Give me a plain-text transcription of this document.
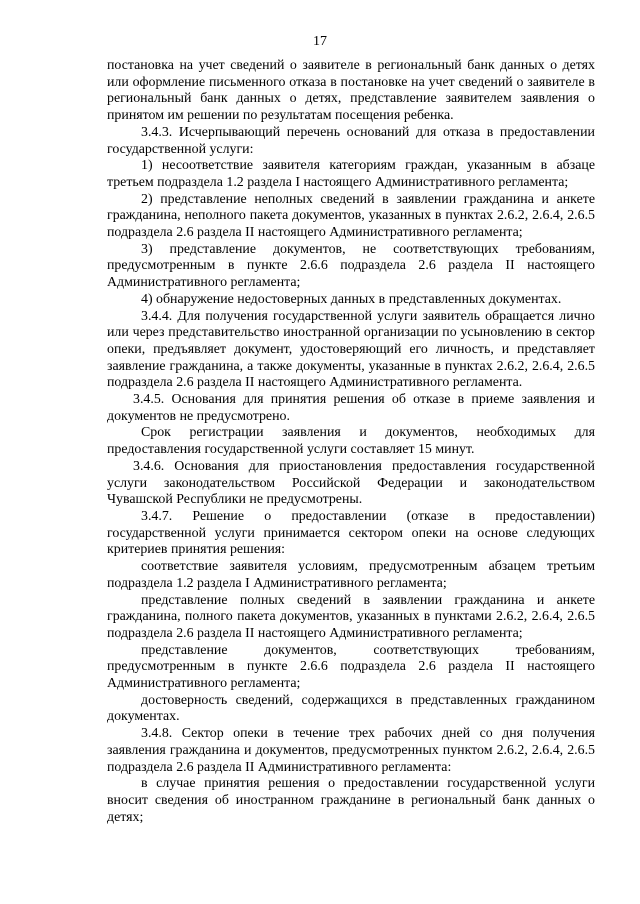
17

постановка на учет сведений о заявителе в региональный банк данных о детях или оформление письменного отказа в постановке на учет сведений о заявителе в региональный банк данных о детях, представление заявителем заявления о принятом им решении по результатам посещения ребенка.

3.4.3. Исчерпывающий перечень оснований для отказа в предоставлении государственной услуги:

1) несоответствие заявителя категориям граждан, указанным в абзаце третьем подраздела 1.2 раздела I настоящего Административного регламента;

2) представление неполных сведений в заявлении гражданина и анкете гражданина, неполного пакета документов, указанных в пунктах 2.6.2, 2.6.4, 2.6.5 подраздела 2.6 раздела II настоящего Административного регламента;

3) представление документов, не соответствующих требованиям, предусмотренным в пункте 2.6.6 подраздела 2.6 раздела II настоящего Административного регламента;

4) обнаружение недостоверных данных в представленных документах.

3.4.4. Для получения государственной услуги заявитель обращается лично или через представительство иностранной организации по усыновлению в сектор опеки, предъявляет документ, удостоверяющий его личность, и представляет заявление гражданина, а также документы, указанные в пунктах 2.6.2, 2.6.4, 2.6.5 подраздела 2.6 раздела II настоящего Административного регламента.

3.4.5. Основания для принятия решения об отказе в приеме заявления и документов не предусмотрено.

Срок регистрации заявления и документов, необходимых для предоставления государственной услуги составляет 15 минут.

3.4.6. Основания для приостановления предоставления государственной услуги законодательством Российской Федерации и законодательством Чувашской Республики не предусмотрены.

3.4.7. Решение о предоставлении (отказе в предоставлении) государственной услуги принимается сектором опеки на основе следующих критериев принятия решения:

соответствие заявителя условиям, предусмотренным абзацем третьим подраздела 1.2 раздела I Административного регламента;

представление полных сведений в заявлении гражданина и анкете гражданина, полного пакета документов, указанных в пунктами 2.6.2, 2.6.4, 2.6.5 подраздела 2.6 раздела II настоящего Административного регламента;

представление документов, соответствующих требованиям, предусмотренным в пункте 2.6.6 подраздела 2.6 раздела II настоящего Административного регламента;

достоверность сведений, содержащихся в представленных гражданином документах.

3.4.8. Сектор опеки в течение трех рабочих дней со дня получения заявления гражданина и документов, предусмотренных пунктом 2.6.2, 2.6.4, 2.6.5 подраздела 2.6 раздела II Административного регламента:

в случае принятия решения о предоставлении государственной услуги вносит сведения об иностранном гражданине в региональный банк данных о детях;
